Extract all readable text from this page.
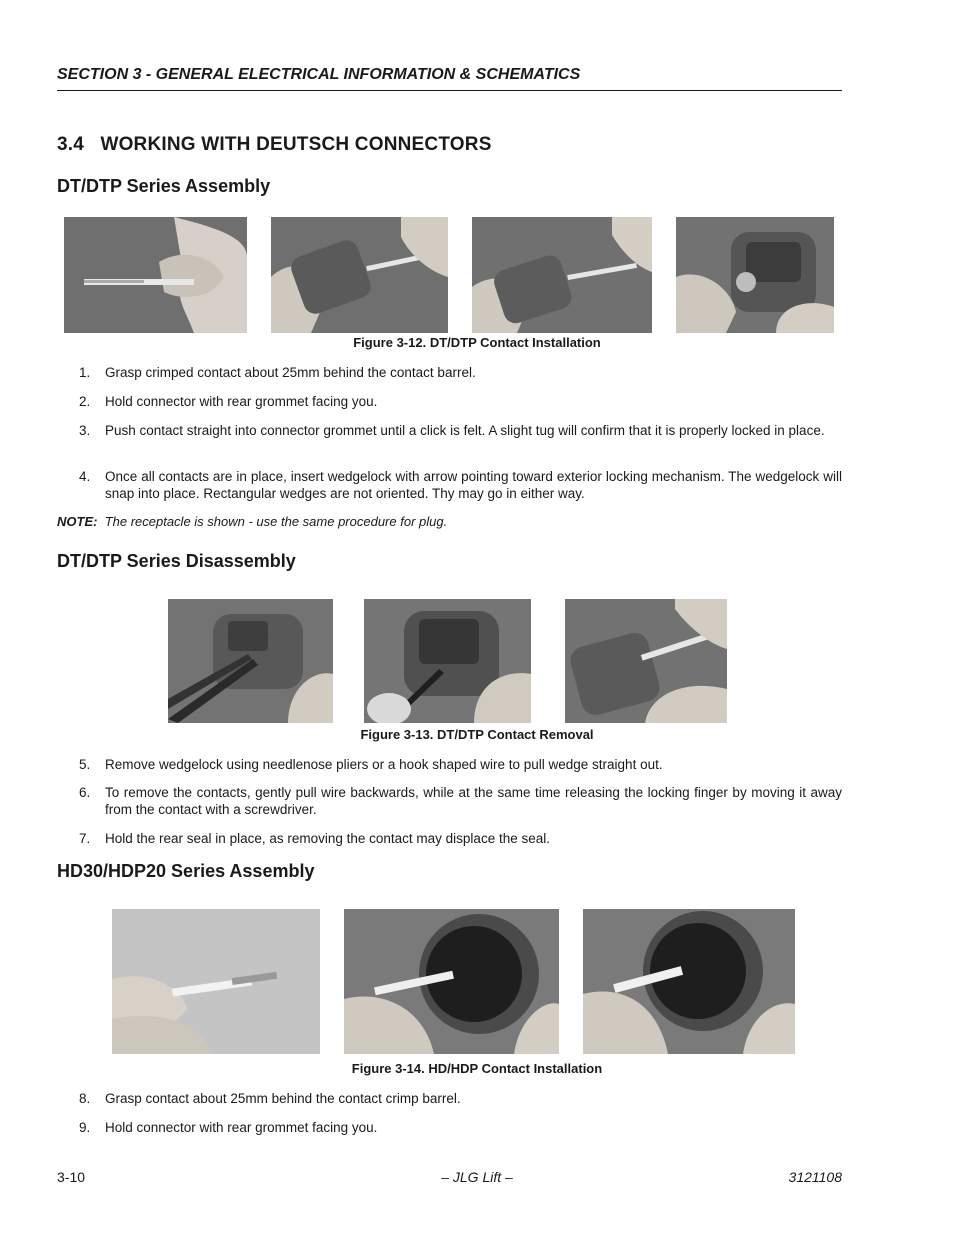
SECTION 3 - GENERAL ELECTRICAL INFORMATION & SCHEMATICS
3.4   WORKING WITH DEUTSCH CONNECTORS
DT/DTP Series Assembly
Figure 3-12. DT/DTP Contact Installation
1.	Grasp crimped contact about 25mm behind the contact barrel.
2.	Hold connector with rear grommet facing you.
3.	Push contact straight into connector grommet until a click is felt. A slight tug will confirm that it is properly locked in place.
4.	Once all contacts are in place, insert wedgelock with arrow pointing toward exterior locking mechanism. The wedgelock will snap into place. Rectangular wedges are not oriented. Thy may go in either way.
NOTE: The receptacle is shown - use the same procedure for plug.
DT/DTP Series Disassembly
Figure 3-13. DT/DTP Contact Removal
5.	Remove wedgelock using needlenose pliers or a hook shaped wire to pull wedge straight out.
6.	To remove the contacts, gently pull wire backwards, while at the same time releasing the locking finger by moving it away from the contact with a screwdriver.
7.	Hold the rear seal in place, as removing the contact may displace the seal.
HD30/HDP20 Series Assembly
Figure 3-14. HD/HDP Contact Installation
8.	Grasp contact about 25mm behind the contact crimp barrel.
9.	Hold connector with rear grommet facing you.
3-10	– JLG Lift –	3121108
